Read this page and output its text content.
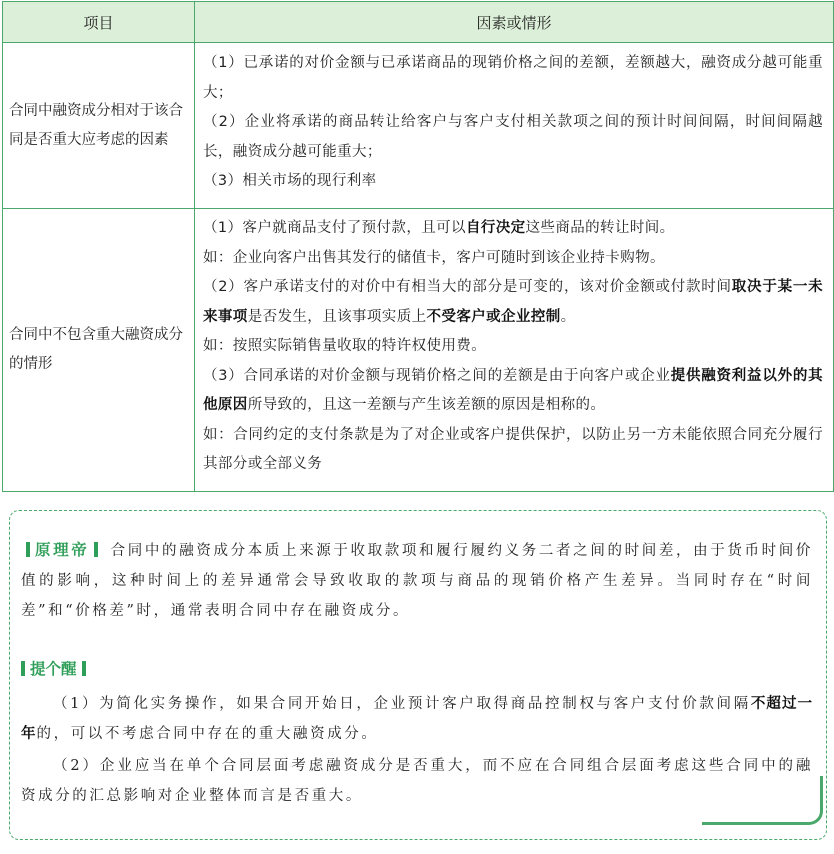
项目	因素或情形
合同中融资成分相对于该合同是否重大应考虑的因素

（1）已承诺的对价金额与已承诺商品的现销价格之间的差额，差额越大，融资成分越可能重大；

（2）企业将承诺的商品转让给客户与客户支付相关款项之间的预计时间间隔，时间间隔越长，融资成分越可能重大；

（3）相关市场的现行利率

合同中不包含重大融资成分的情形

（1）客户就商品支付了预付款，且可以自行决定这些商品的转让时间。

如：企业向客户出售其发行的储值卡，客户可随时到该企业持卡购物。

（2）客户承诺支付的对价中有相当大的部分是可变的，该对价金额或付款时间取决于某一未来事项是否发生，且该事项实质上不受客户或企业控制。

如：按照实际销售量收取的特许权使用费。

（3）合同承诺的对价金额与现销价格之间的差额是由于向客户或企业提供融资利益以外的其他原因所导致的，且这一差额与产生该差额的原因是相称的。

如：合同约定的支付条款是为了对企业或客户提供保护，以防止另一方未能依照合同充分履行其部分或全部义务

原理帝 合同中的融资成分本质上来源于收取款项和履行履约义务二者之间的时间差，由于货币时间价值的影响，这种时间上的差异通常会导致收取的款项与商品的现销价格产生差异。当同时存在“时间差”和“价格差”时，通常表明合同中存在融资成分。
提个醒
（1）为简化实务操作，如果合同开始日，企业预计客户取得商品控制权与客户支付价款间隔不超过一年的，可以不考虑合同中存在的重大融资成分。
（2）企业应当在单个合同层面考虑融资成分是否重大，而不应在合同组合层面考虑这些合同中的融资成分的汇总影响对企业整体而言是否重大。
